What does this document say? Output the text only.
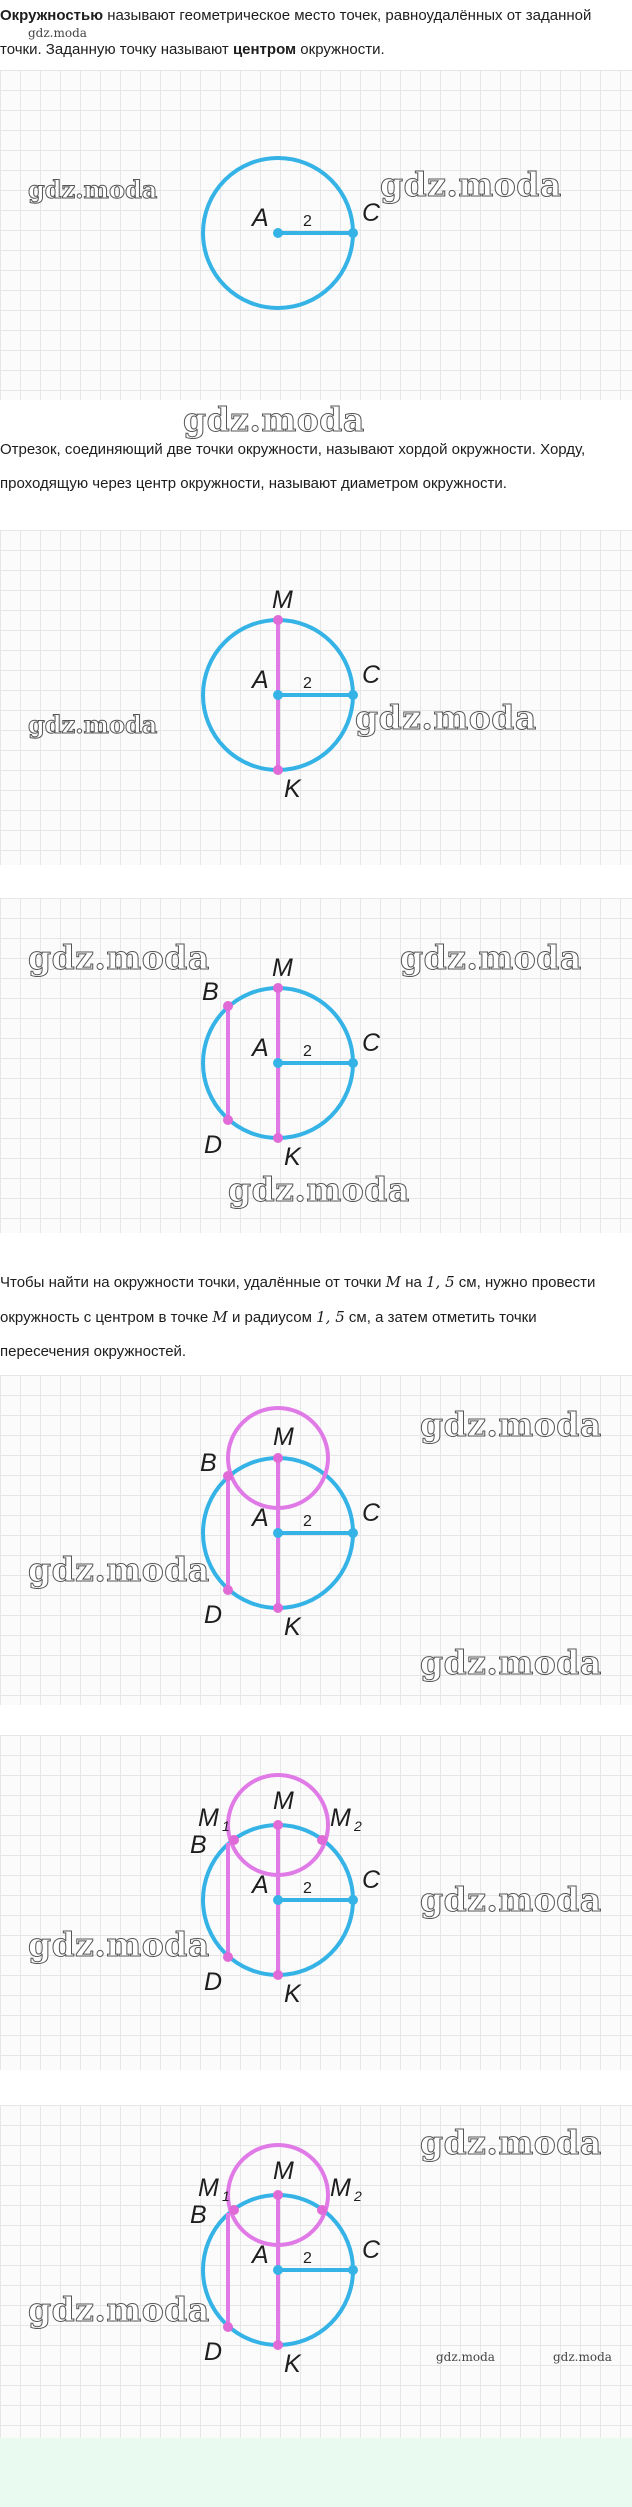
Окружностью называют геометрическое место точек, равноудалённых от заданной точки. Заданную точку называют центром окружности.

gdz.moda
A	C
2
gdz.moda	gdz.moda
gdz.moda

Отрезок, соединяющий две точки окружности, называют хордой окружности. Хорду, проходящую через центр окружности, называют диаметром окружности.

M
K
A	C
2
gdz.moda	gdz.moda
M
K
B
D
A	C
2
gdz.moda	gdz.moda
gdz.moda

Чтобы найти на окружности точки, удалённые от точки M на 1, 5 см, нужно провести окружность с центром в точке M и радиусом 1, 5 см, а затем отметить точки пересечения окружностей.

M
K
B
D
A	C
2
gdz.moda
gdz.moda
gdz.moda
M
M 1	M 2
B
K
D
A	C
2	gdz.moda
gdz.moda
M
M 1	M 2
B
K
D
A	C
2
gdz.moda
gdz.moda
gdz.moda	gdz.moda
